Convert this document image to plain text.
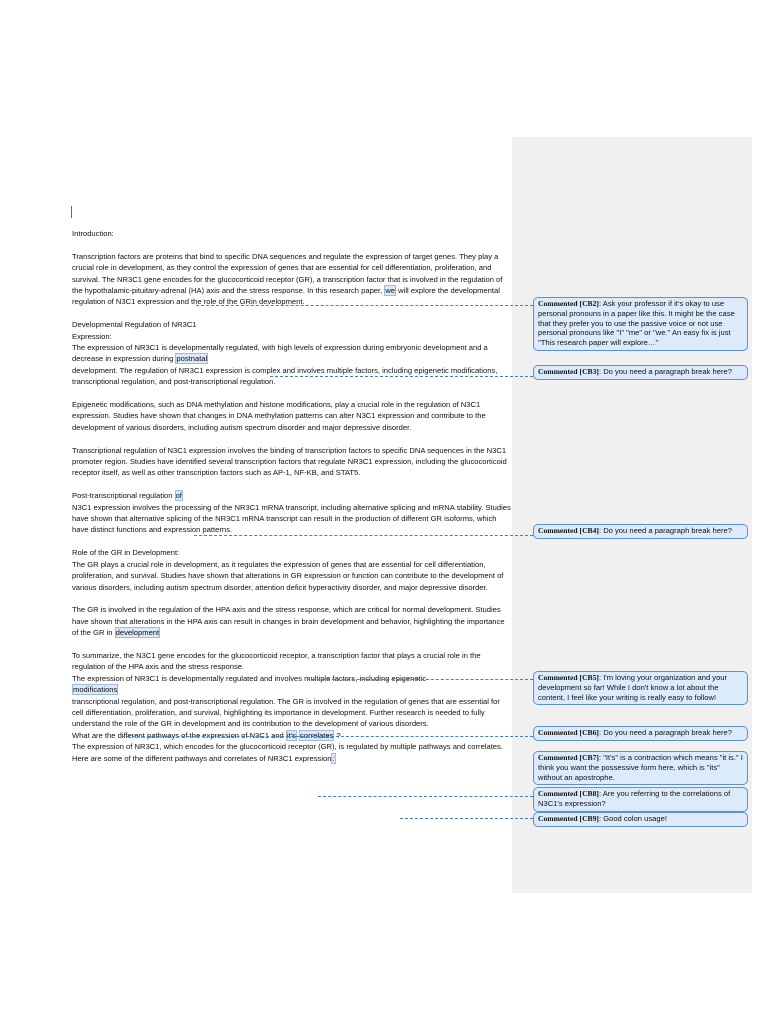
Introduction:

Transcription factors are proteins that bind to specific DNA sequences and regulate the expression of target genes. They play a crucial role in development, as they control the expression of genes that are essential for cell differentiation, proliferation, and survival. The NR3C1 gene encodes for the glucocorticoid receptor (GR), a transcription factor that is involved in the regulation of the hypothalamic-pituitary-adrenal (HA) axis and the stress response. In this research paper, we will explore the developmental regulation of N3C1 expression and the role of the GRin development.

Developmental Regulation of NR3C1

Expression:

The expression of NR3C1 is developmentally regulated, with high levels of expression during embryonic development and a decrease in expression during postnatal

development. The regulation of NR3C1 expression is complex and involves multiple factors, including epigenetic modifications, transcriptional regulation, and post-transcriptional regulation.

Epigenetic modifications, such as DNA methylation and histone modifications, play a crucial role in the regulation of N3C1 expression. Studies have shown that changes in DNA methylation patterns can alter N3C1 expression and contribute to the development of various disorders, including autism spectrum disorder and major depressive disorder.

Transcriptional regulation of N3C1 expression involves the binding of transcription factors to specific DNA sequences in the N3C1 promoter region. Studies have identified several transcription factors that regulate NR3C1 expression, including the glucocorticoid receptor itself, as well as other transcription factors such as AP-1, NF-KB, and STAT5.

Post-transcriptional regulation of

N3C1 expression involves the processing of the NR3C1 mRNA transcript, including alternative splicing and mRNA stability. Studies have shown that alternative splicing of the NR3C1 mRNA transcript can result in the production of different GR isoforms, which have distinct functions and expression patterns.

Role of the GR in Development:

The GR plays a crucial role in development, as it regulates the expression of genes that are essential for cell differentiation, proliferation, and survival. Studies have shown that alterations in GR expression or function can contribute to the development of various disorders, including autism spectrum disorder, attention deficit hyperactivity disorder, and major depressive disorder.

The GR is involved in the regulation of the HPA axis and the stress response, which are critical for normal development. Studies have shown that alterations in the HPA axis can result in changes in brain development and behavior, highlighting the importance of the GR in development

To summarize, the N3C1 gene encodes for the glucocorticoid receptor, a transcription factor that plays a crucial role in the regulation of the HPA axis and the stress response.

The expression of NR3C1 is developmentally regulated and involves multiple factors, including epigenetic

modifications

transcriptional regulation, and post-transcriptional regulation. The GR is involved in the regulation of genes that are essential for cell differentiation, proliferation, and survival, highlighting its importance in development. Further research is needed to fully understand the role of the GR in development and its contribution to the development of various disorders.

What are the different pathways of the expression of N3C1 and it's correlates ?

The expression of NR3C1, which encodes for the glucocorticoid receptor (GR), is regulated by multiple pathways and correlates. Here are some of the different pathways and correlates of NR3C1 expression:

Commented [CB2]: Ask your professor if it's okay to use personal pronouns in a paper like this. It might be the case that they prefer you to use the passive voice or not use personal pronouns like "I" "me" or "we." An easy fix is just "This research paper will explore…"
Commented [CB3]: Do you need a paragraph break here?
Commented [CB4]: Do you need a paragraph break here?
Commented [CB5]: I'm loving your organization and your development so far! While I don't know a lot about the content, I feel like your writing is really easy to follow!
Commented [CB6]: Do you need a paragraph break here?
Commented [CB7]: "It's" is a contraction which means "it is." I think you want the possessive form here, which is "its" without an apostrophe.
Commented [CB8]: Are you referring to the correlations of N3C1's expression?
Commented [CB9]: Good colon usage!
